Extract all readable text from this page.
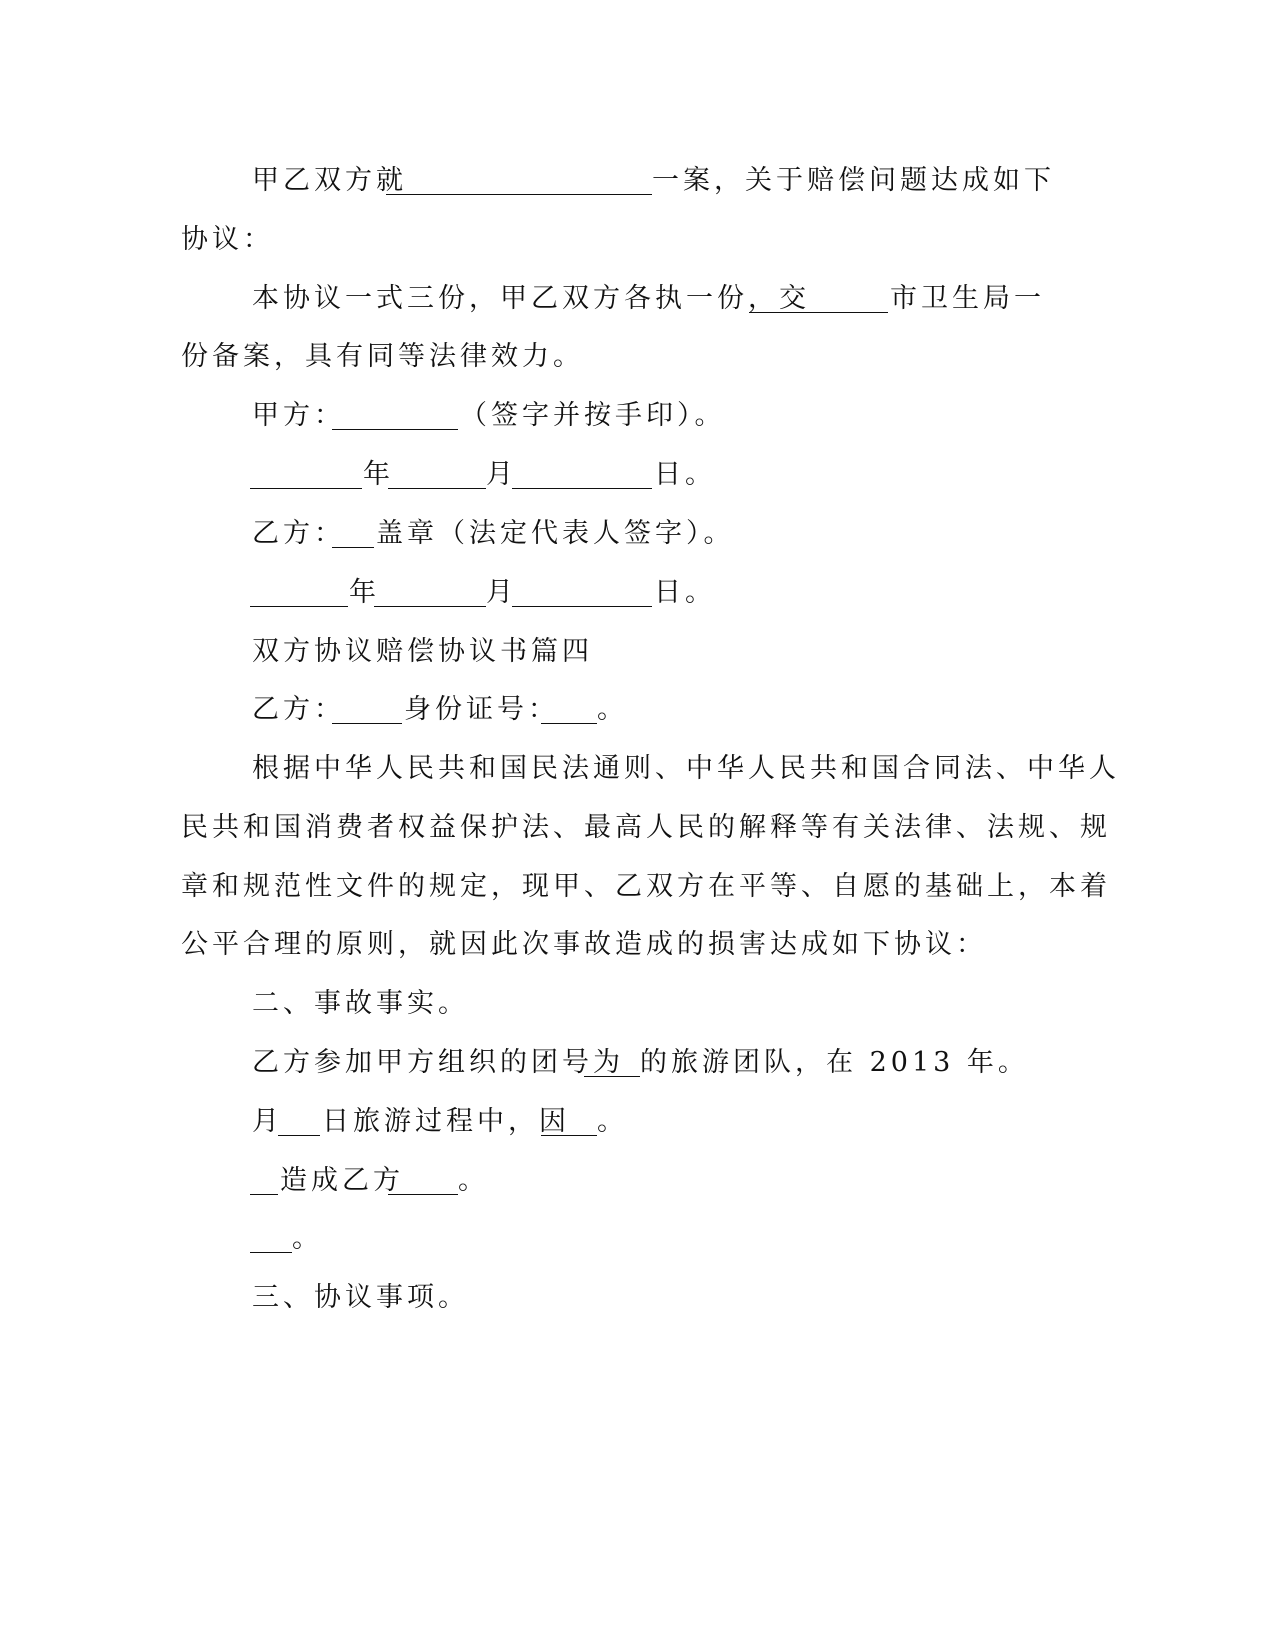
甲乙双方就	一案，关于赔偿问题达成如下
协议：
本协议一式三份，甲乙双方各执一份，交	市卫生局一
份备案，具有同等法律效力。
甲方：	（签字并按手印）。
年	月	日。
乙方： 盖章（法定代表人签字）。
年	月	日。
双方协议赔偿协议书篇四
乙方： 身份证号： 。
根据中华人民共和国民法通则、中华人民共和国合同法、中华人
民共和国消费者权益保护法、最高人民的解释等有关法律、法规、规
章和规范性文件的规定，现甲、乙双方在平等、自愿的基础上，本着
公平合理的原则，就因此次事故造成的损害达成如下协议：
二、事故事实。
乙方参加甲方组织的团号为 的旅游团队，在 2013 年。
月 日旅游过程中，因 。
造成乙方 。
。
三、协议事项。
